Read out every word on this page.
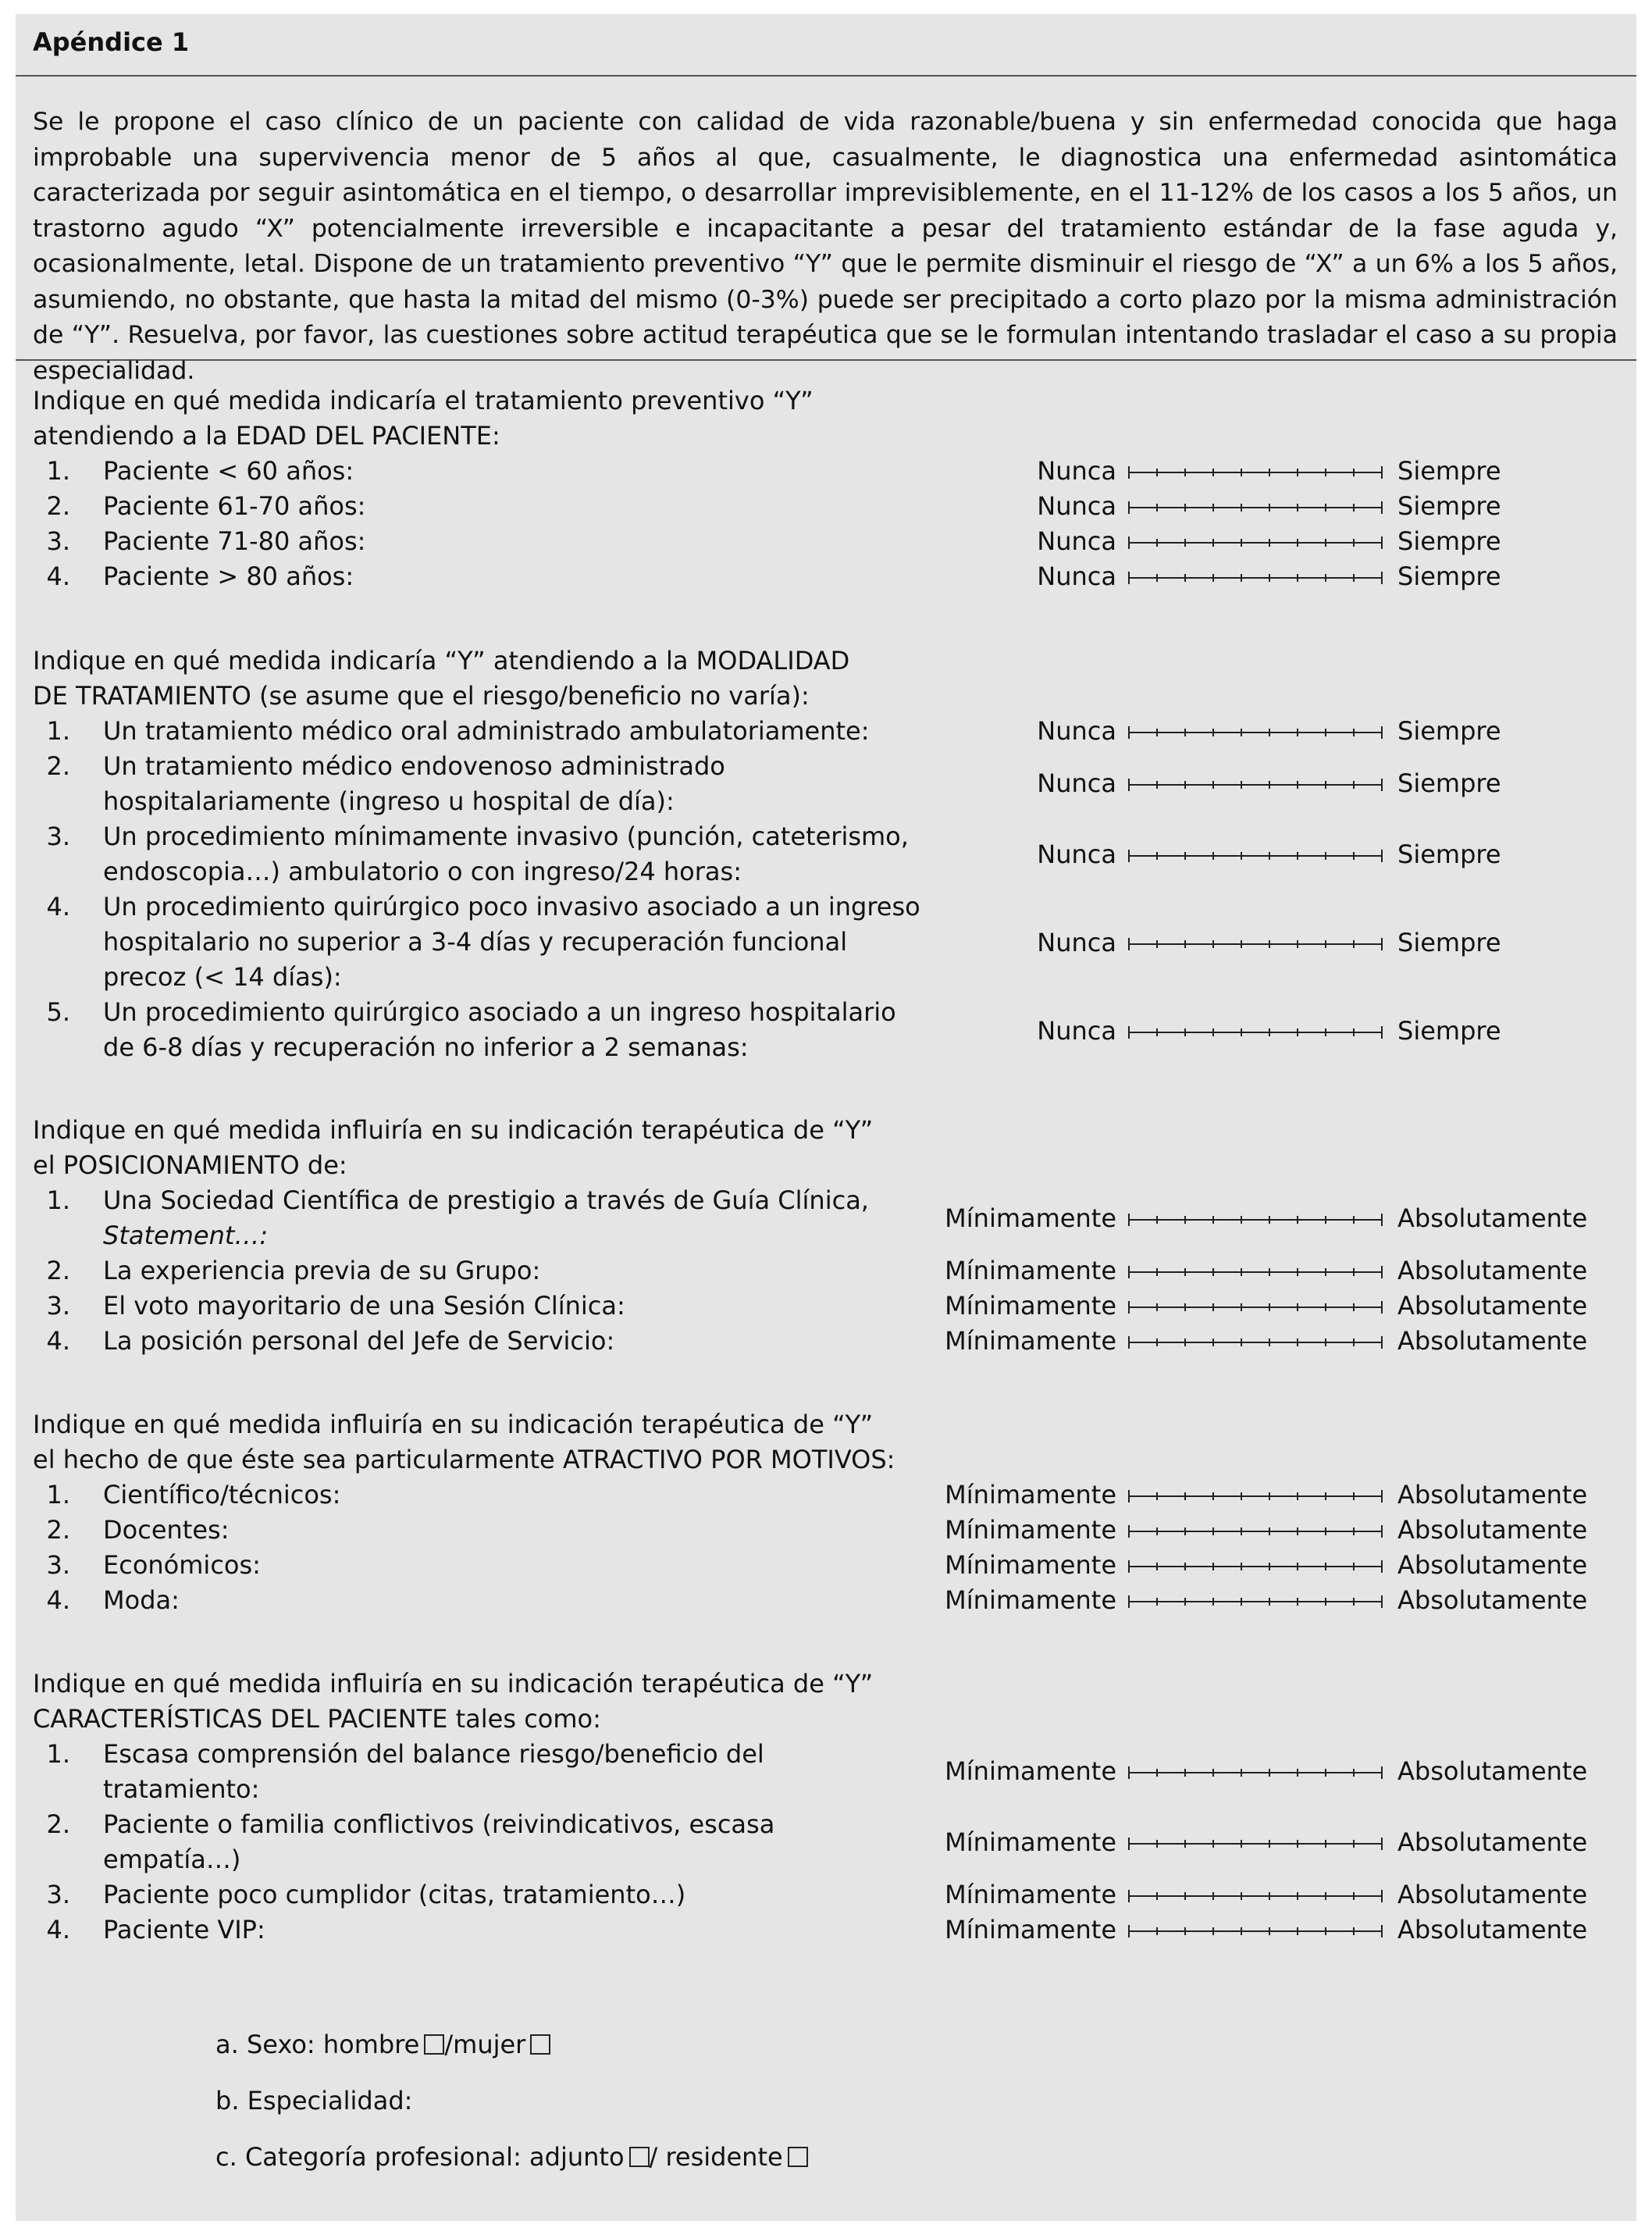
Apéndice 1
Se le propone el caso clínico de un paciente con calidad de vida razonable/buena y sin enfermedad conocida que haga improbable una supervivencia menor de 5 años al que, casualmente, le diagnostica una enfermedad asintomática caracterizada por seguir asintomática en el tiempo, o desarrollar imprevisiblemente, en el 11-12% de los casos a los 5 años, un trastorno agudo “X” potencialmente irreversible e incapacitante a pesar del tratamiento estándar de la fase aguda y, ocasionalmente, letal. Dispone de un tratamiento preventivo “Y” que le permite disminuir el riesgo de “X” a un 6% a los 5 años, asumiendo, no obstante, que hasta la mitad del mismo (0-3%) puede ser precipitado a corto plazo por la misma administración de “Y”. Resuelva, por favor, las cuestiones sobre actitud terapéutica que se le formulan intentando trasladar el caso a su propia especialidad.
Indique en qué medida indicaría el tratamiento preventivo “Y”
atendiendo a la EDAD DEL PACIENTE:
1. Paciente < 60 años:	Nunca	Siempre
2. Paciente 61-70 años:	Nunca	Siempre
3. Paciente 71-80 años:	Nunca	Siempre
4. Paciente > 80 años:	Nunca	Siempre
Indique en qué medida indicaría “Y” atendiendo a la MODALIDAD
DE TRATAMIENTO (se asume que el riesgo/beneficio no varía):
1. Un tratamiento médico oral administrado ambulatoriamente:	Nunca	Siempre
2. Un tratamiento médico endovenoso administrado
hospitalariamente (ingreso u hospital de día):
Nunca	Siempre
3. Un procedimiento mínimamente invasivo (punción, cateterismo,
endoscopia…) ambulatorio o con ingreso/24 horas:
Nunca	Siempre
4. Un procedimiento quirúrgico poco invasivo asociado a un ingreso
hospitalario no superior a 3-4 días y recuperación funcional
precoz (< 14 días):
Nunca	Siempre
5. Un procedimiento quirúrgico asociado a un ingreso hospitalario
de 6-8 días y recuperación no inferior a 2 semanas:
Nunca	Siempre
Indique en qué medida influiría en su indicación terapéutica de “Y”
el POSICIONAMIENTO de:
1. Una Sociedad Científica de prestigio a través de Guía Clínica,
Statement…:
Mínimamente	Absolutamente
2. La experiencia previa de su Grupo:	Mínimamente	Absolutamente
3. El voto mayoritario de una Sesión Clínica:	Mínimamente	Absolutamente
4. La posición personal del Jefe de Servicio:	Mínimamente	Absolutamente
Indique en qué medida influiría en su indicación terapéutica de “Y”
el hecho de que éste sea particularmente ATRACTIVO POR MOTIVOS:
1. Científico/técnicos:	Mínimamente	Absolutamente
2. Docentes:	Mínimamente	Absolutamente
3. Económicos:	Mínimamente	Absolutamente
4. Moda:	Mínimamente	Absolutamente
Indique en qué medida influiría en su indicación terapéutica de “Y”
CARACTERÍSTICAS DEL PACIENTE tales como:
1. Escasa comprensión del balance riesgo/beneficio del
tratamiento:
Mínimamente	Absolutamente
2. Paciente o familia conflictivos (reivindicativos, escasa
empatía…)
Mínimamente	Absolutamente
3. Paciente poco cumplidor (citas, tratamiento…)	Mínimamente	Absolutamente
4. Paciente VIP:	Mínimamente	Absolutamente
a. Sexo: hombre /mujer
b. Especialidad:
c. Categoría profesional: adjunto / residente
